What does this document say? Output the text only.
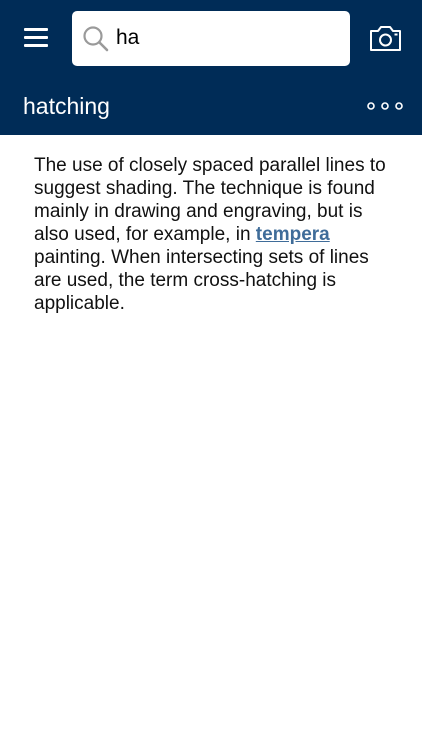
ha
hatching
The use of closely spaced parallel lines to suggest shading. The technique is found mainly in drawing and engraving, but is also used, for example, in tempera painting. When intersecting sets of lines are used, the term cross-hatching is applicable.
